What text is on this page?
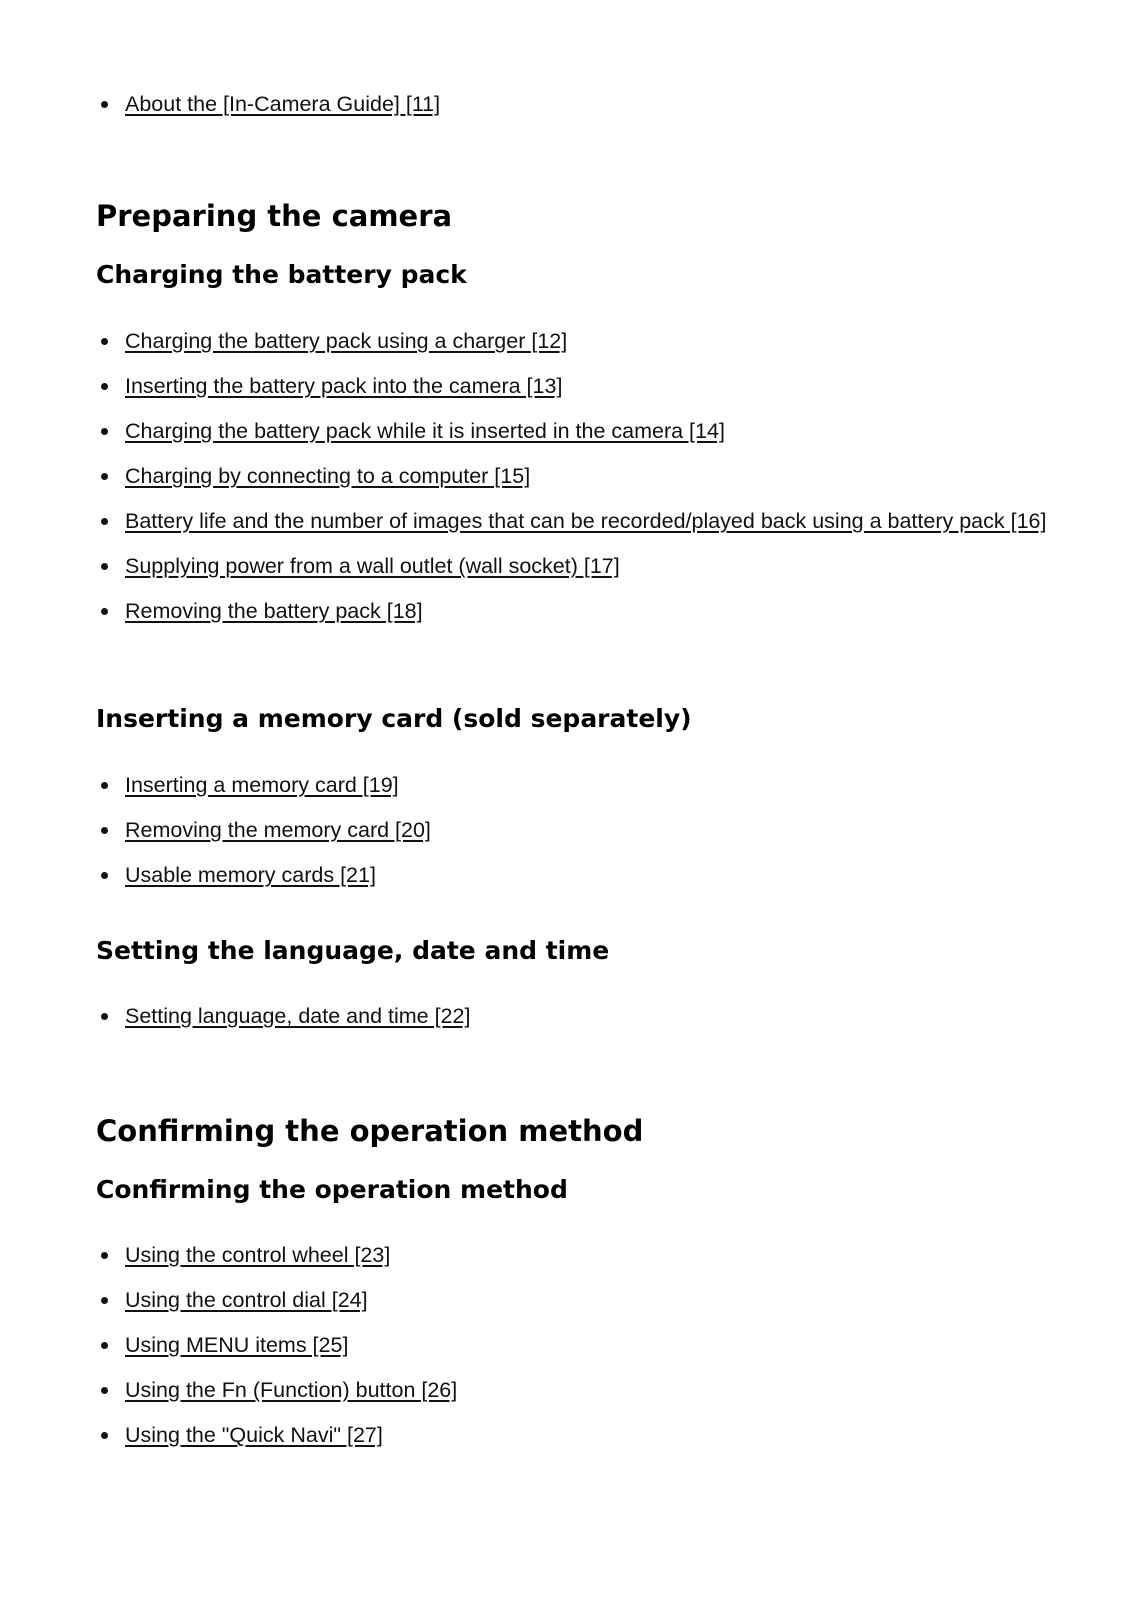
About the [In-Camera Guide] [11]
Preparing the camera
Charging the battery pack
Charging the battery pack using a charger [12]
Inserting the battery pack into the camera [13]
Charging the battery pack while it is inserted in the camera [14]
Charging by connecting to a computer [15]
Battery life and the number of images that can be recorded/played back using a battery pack [16]
Supplying power from a wall outlet (wall socket) [17]
Removing the battery pack [18]
Inserting a memory card (sold separately)
Inserting a memory card [19]
Removing the memory card [20]
Usable memory cards [21]
Setting the language, date and time
Setting language, date and time [22]
Confirming the operation method
Confirming the operation method
Using the control wheel [23]
Using the control dial [24]
Using MENU items [25]
Using the Fn (Function) button [26]
Using the "Quick Navi" [27]
